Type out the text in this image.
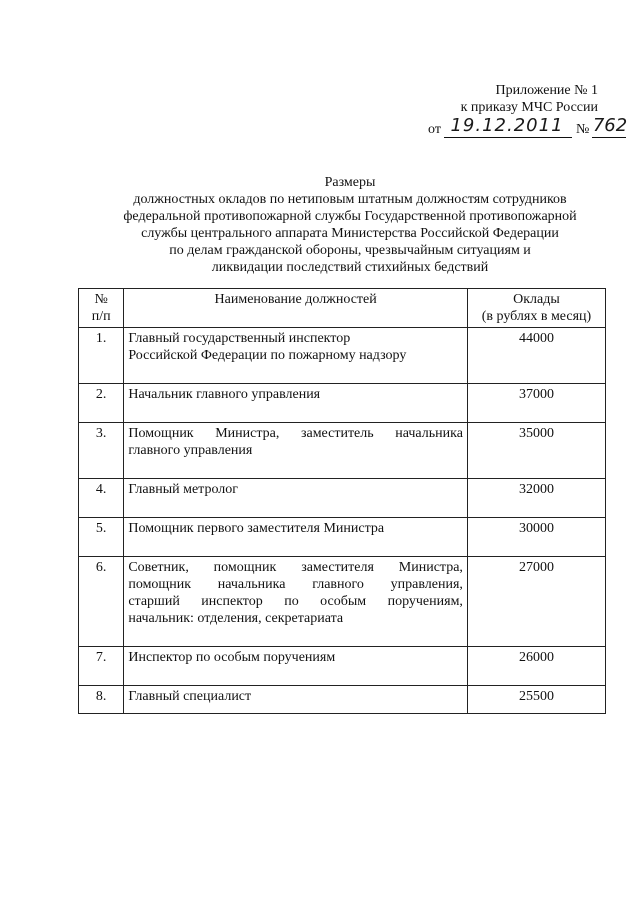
Приложение № 1
к приказу МЧС России
от 19.12.2011 № 762
Размеры
должностных окладов по нетиповым штатным должностям сотрудников
федеральной противопожарной службы Государственной противопожарной
службы центрального аппарата Министерства Российской Федерации
по делам гражданской обороны, чрезвычайным ситуациям и
ликвидации последствий стихийных бедствий
№
п/п	Наименование должностей	Оклады
(в рублях в месяц)

1.	Главный государственный инспектор
Российской Федерации по пожарному надзору	44000
2.	Начальник главного управления	37000
3.	Помощник Министра, заместитель начальника
главного управления	35000
4.	Главный метролог	32000
5.	Помощник первого заместителя Министра	30000
6.	Советник, помощник заместителя Министра,
помощник начальника главного управления,
старший инспектор по особым поручениям,
начальник: отделения, секретариата	27000
7.	Инспектор по особым поручениям	26000
8.	Главный специалист	25500
